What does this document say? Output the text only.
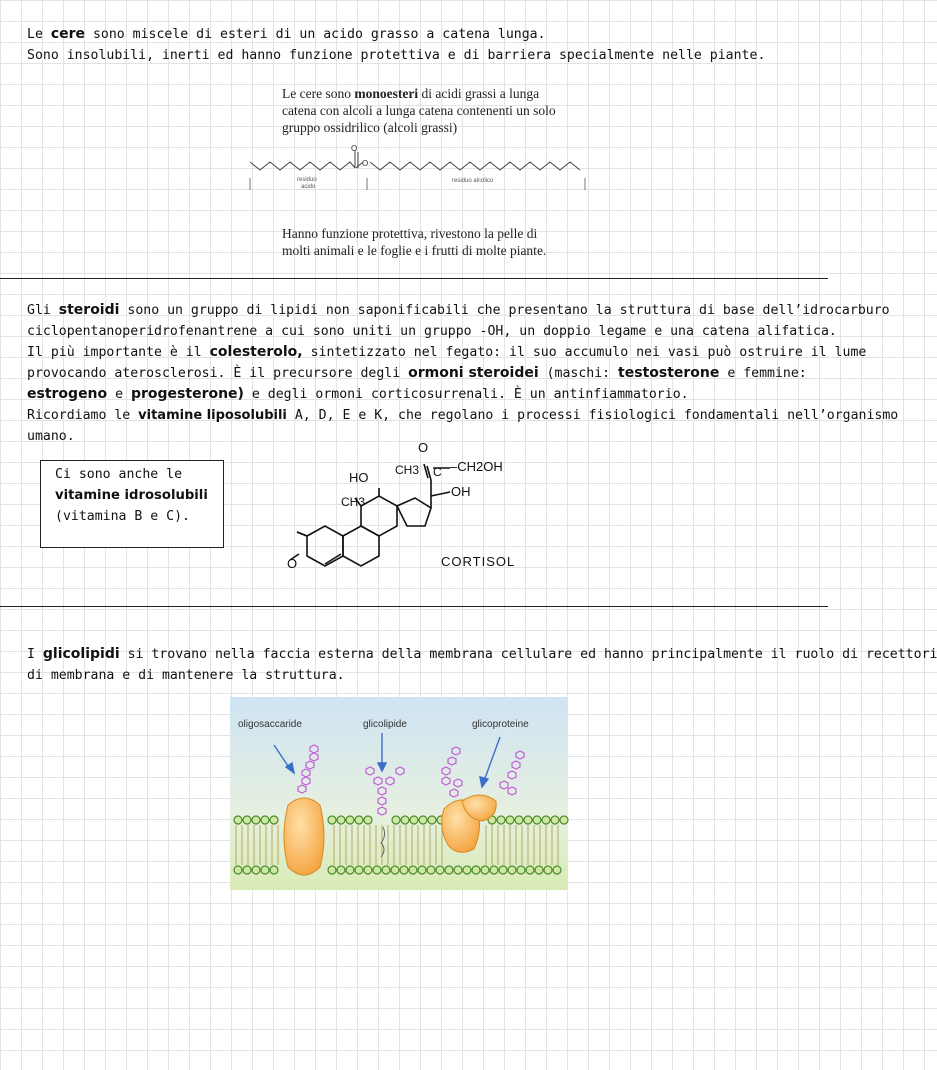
Le cere sono miscele di esteri di un acido grasso a catena lunga.
Sono insolubili, inerti ed hanno funzione protettiva e di barriera specialmente nelle piante.
Le cere sono monoesteri di acidi grassi a lunga
catena con alcoli a lunga catena contenenti un solo
gruppo ossidrilico (alcoli grassi)
O
O
residuo
acido
residuo alcolico
Hanno funzione protettiva, rivestono la pelle di
molti animali e le foglie e i frutti di molte piante.
Gli steroidi sono un gruppo di lipidi non saponificabili che presentano la struttura di base dell’idrocarburo
ciclopentanoperidrofenantrene a cui sono uniti un gruppo -OH, un doppio legame e una catena alifatica.
Il più importante è il colesterolo, sintetizzato nel fegato: il suo accumulo nei vasi può ostruire il lume
provocando aterosclerosi. È il precursore degli ormoni steroidei (maschi: testosterone e femmine:
estrogeno e progesterone) e degli ormoni corticosurrenali. È un antinfiammatorio.
Ricordiamo le vitamine liposolubili A, D, E e K, che regolano i processi fisiologici fondamentali nell’organismo
umano.
Ci sono anche le
vitamine idrosolubili
(vitamina B e C).
O
HO CH3 C –CH2OH
OH
CH3
O	CORTISOL
I glicolipidi si trovano nella faccia esterna della membrana cellulare ed hanno principalmente il ruolo di recettori
di membrana e di mantenere la struttura.
oligosaccaride	glicolipide	glicoproteine
